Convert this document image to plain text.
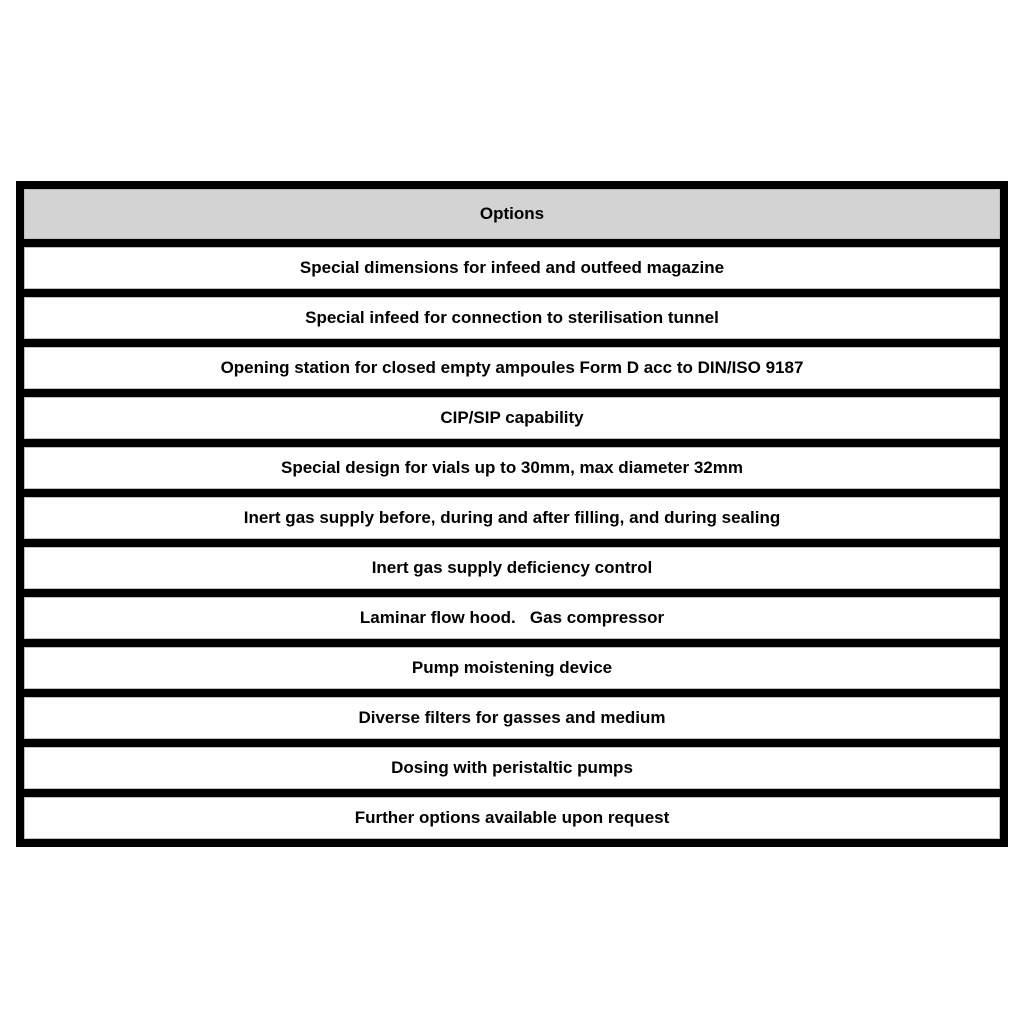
Options
Special dimensions for infeed and outfeed magazine
Special infeed for connection to sterilisation tunnel
Opening station for closed empty ampoules Form D acc to DIN/ISO 9187
CIP/SIP capability
Special design for vials up to 30mm, max diameter 32mm
Inert gas supply before, during and after filling, and during sealing
Inert gas supply deficiency control
Laminar flow hood.   Gas compressor
Pump moistening device
Diverse filters for gasses and medium
Dosing with peristaltic pumps
Further options available upon request
